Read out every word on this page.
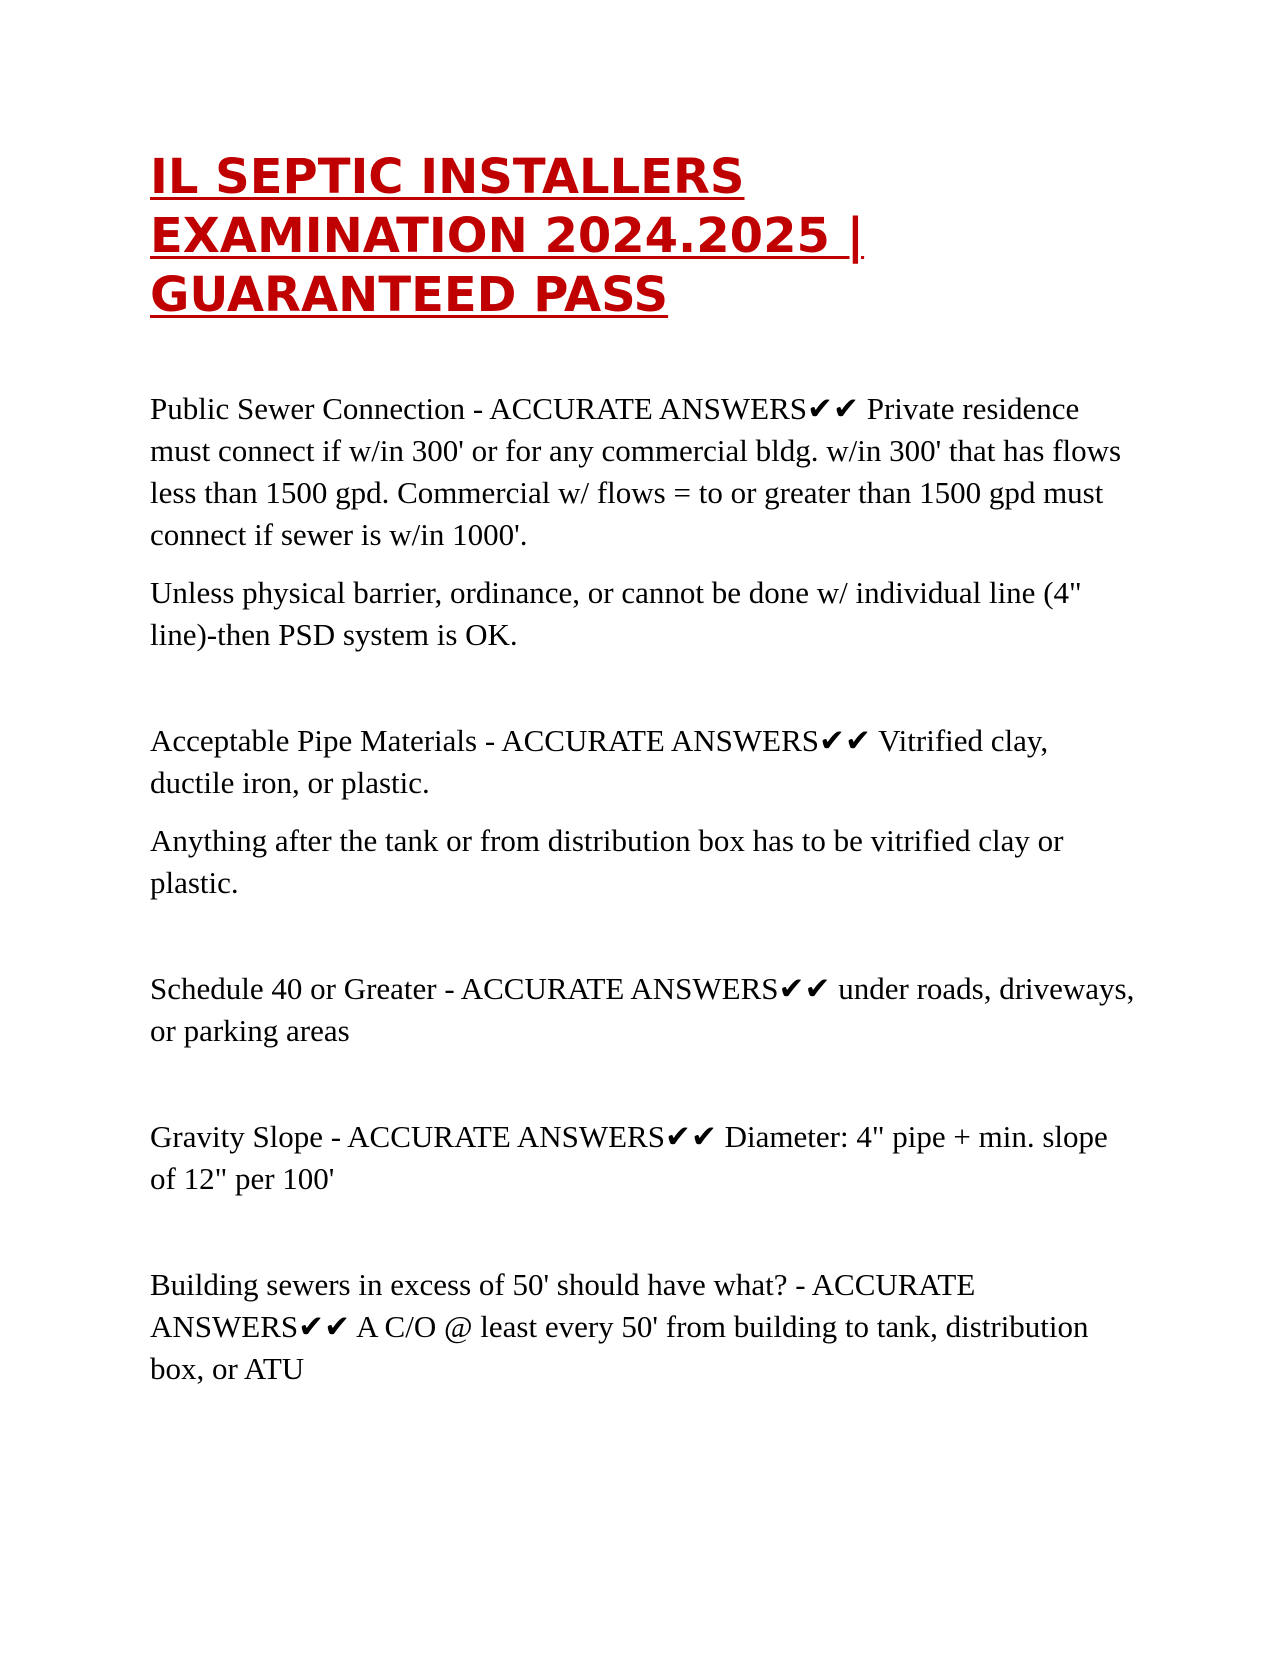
IL SEPTIC INSTALLERS
EXAMINATION 2024.2025 |
GUARANTEED PASS

Public Sewer Connection - ACCURATE ANSWERS✔✔ Private residence must connect if w/in 300' or for any commercial bldg. w/in 300' that has flows less than 1500 gpd. Commercial w/ flows = to or greater than 1500 gpd must connect if sewer is w/in 1000'.

Unless physical barrier, ordinance, or cannot be done w/ individual line (4" line)-then PSD system is OK.

Acceptable Pipe Materials - ACCURATE ANSWERS✔✔ Vitrified clay, ductile iron, or plastic.

Anything after the tank or from distribution box has to be vitrified clay or plastic.

Schedule 40 or Greater - ACCURATE ANSWERS✔✔ under roads, driveways, or parking areas

Gravity Slope - ACCURATE ANSWERS✔✔ Diameter: 4" pipe + min. slope of 12" per 100'

Building sewers in excess of 50' should have what? - ACCURATE ANSWERS✔✔ A C/O @ least every 50' from building to tank, distribution box, or ATU
